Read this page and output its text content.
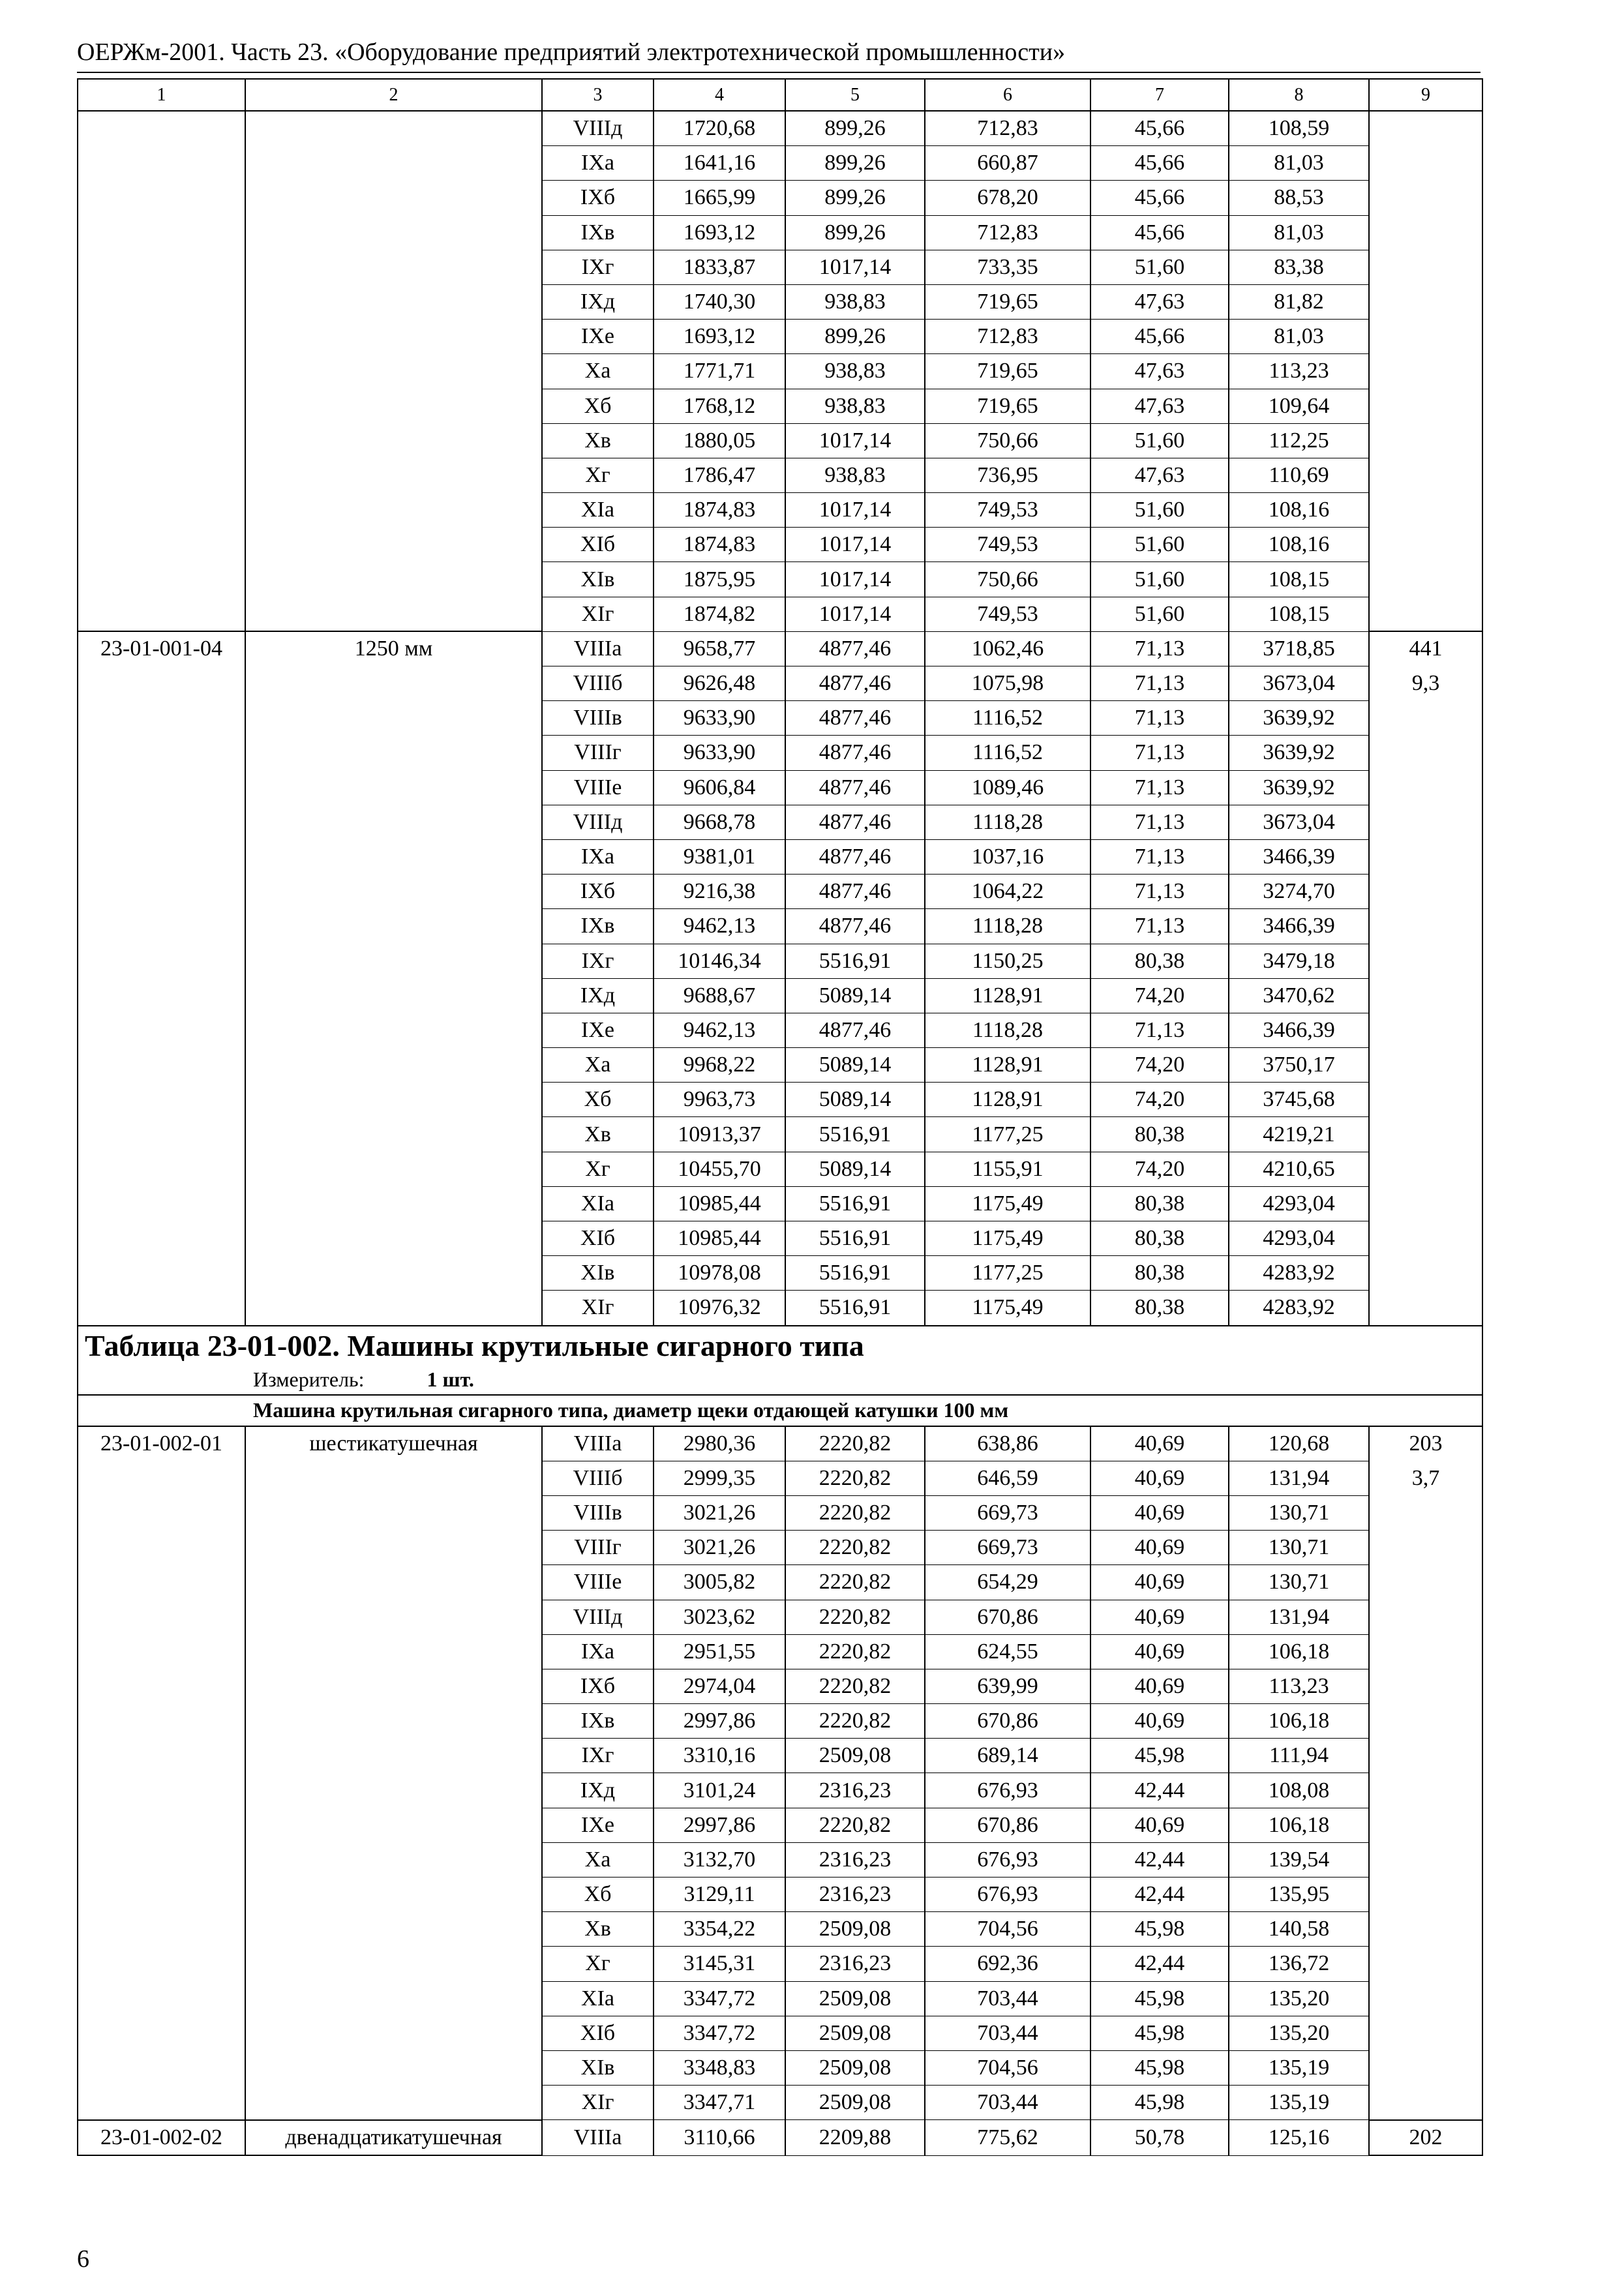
ОЕРЖм-2001. Часть 23. «Оборудование предприятий электротехнической промышленности»
1	2	3	4	5	6	7	8	9
		VIIIд	1720,68	899,26	712,83	45,66	108,59	
		IXа	1641,16	899,26	660,87	45,66	81,03	
		IXб	1665,99	899,26	678,20	45,66	88,53	
		IXв	1693,12	899,26	712,83	45,66	81,03	
		IXг	1833,87	1017,14	733,35	51,60	83,38	
		IXд	1740,30	938,83	719,65	47,63	81,82	
		IXе	1693,12	899,26	712,83	45,66	81,03	
		Xа	1771,71	938,83	719,65	47,63	113,23	
		Xб	1768,12	938,83	719,65	47,63	109,64	
		Xв	1880,05	1017,14	750,66	51,60	112,25	
		Xг	1786,47	938,83	736,95	47,63	110,69	
		XIа	1874,83	1017,14	749,53	51,60	108,16	
		XIб	1874,83	1017,14	749,53	51,60	108,16	
		XIв	1875,95	1017,14	750,66	51,60	108,15	
		XIг	1874,82	1017,14	749,53	51,60	108,15	
23-01-001-04	1250 мм	VIIIа	9658,77	4877,46	1062,46	71,13	3718,85	441
		VIIIб	9626,48	4877,46	1075,98	71,13	3673,04	9,3
		VIIIв	9633,90	4877,46	1116,52	71,13	3639,92	
		VIIIг	9633,90	4877,46	1116,52	71,13	3639,92	
		VIIIе	9606,84	4877,46	1089,46	71,13	3639,92	
		VIIIд	9668,78	4877,46	1118,28	71,13	3673,04	
		IXа	9381,01	4877,46	1037,16	71,13	3466,39	
		IXб	9216,38	4877,46	1064,22	71,13	3274,70	
		IXв	9462,13	4877,46	1118,28	71,13	3466,39	
		IXг	10146,34	5516,91	1150,25	80,38	3479,18	
		IXд	9688,67	5089,14	1128,91	74,20	3470,62	
		IXе	9462,13	4877,46	1118,28	71,13	3466,39	
		Xа	9968,22	5089,14	1128,91	74,20	3750,17	
		Xб	9963,73	5089,14	1128,91	74,20	3745,68	
		Xв	10913,37	5516,91	1177,25	80,38	4219,21	
		Xг	10455,70	5089,14	1155,91	74,20	4210,65	
		XIа	10985,44	5516,91	1175,49	80,38	4293,04	
		XIб	10985,44	5516,91	1175,49	80,38	4293,04	
		XIв	10978,08	5516,91	1177,25	80,38	4283,92	
		XIг	10976,32	5516,91	1175,49	80,38	4283,92	
Таблица 23-01-002. Машины крутильные сигарного типа								
Измеритель: 1 шт.								
Машина крутильная сигарного типа, диаметр щеки отдающей катушки 100 мм								
23-01-002-01	шестикатушечная	VIIIа	2980,36	2220,82	638,86	40,69	120,68	203
		VIIIб	2999,35	2220,82	646,59	40,69	131,94	3,7
		VIIIв	3021,26	2220,82	669,73	40,69	130,71	
		VIIIг	3021,26	2220,82	669,73	40,69	130,71	
		VIIIе	3005,82	2220,82	654,29	40,69	130,71	
		VIIIд	3023,62	2220,82	670,86	40,69	131,94	
		IXа	2951,55	2220,82	624,55	40,69	106,18	
		IXб	2974,04	2220,82	639,99	40,69	113,23	
		IXв	2997,86	2220,82	670,86	40,69	106,18	
		IXг	3310,16	2509,08	689,14	45,98	111,94	
		IXд	3101,24	2316,23	676,93	42,44	108,08	
		IXе	2997,86	2220,82	670,86	40,69	106,18	
		Xа	3132,70	2316,23	676,93	42,44	139,54	
		Xб	3129,11	2316,23	676,93	42,44	135,95	
		Xв	3354,22	2509,08	704,56	45,98	140,58	
		Xг	3145,31	2316,23	692,36	42,44	136,72	
		XIа	3347,72	2509,08	703,44	45,98	135,20	
		XIб	3347,72	2509,08	703,44	45,98	135,20	
		XIв	3348,83	2509,08	704,56	45,98	135,19	
		XIг	3347,71	2509,08	703,44	45,98	135,19	
23-01-002-02	двенадцатикатушечная	VIIIа	3110,66	2209,88	775,62	50,78	125,16	202
6
